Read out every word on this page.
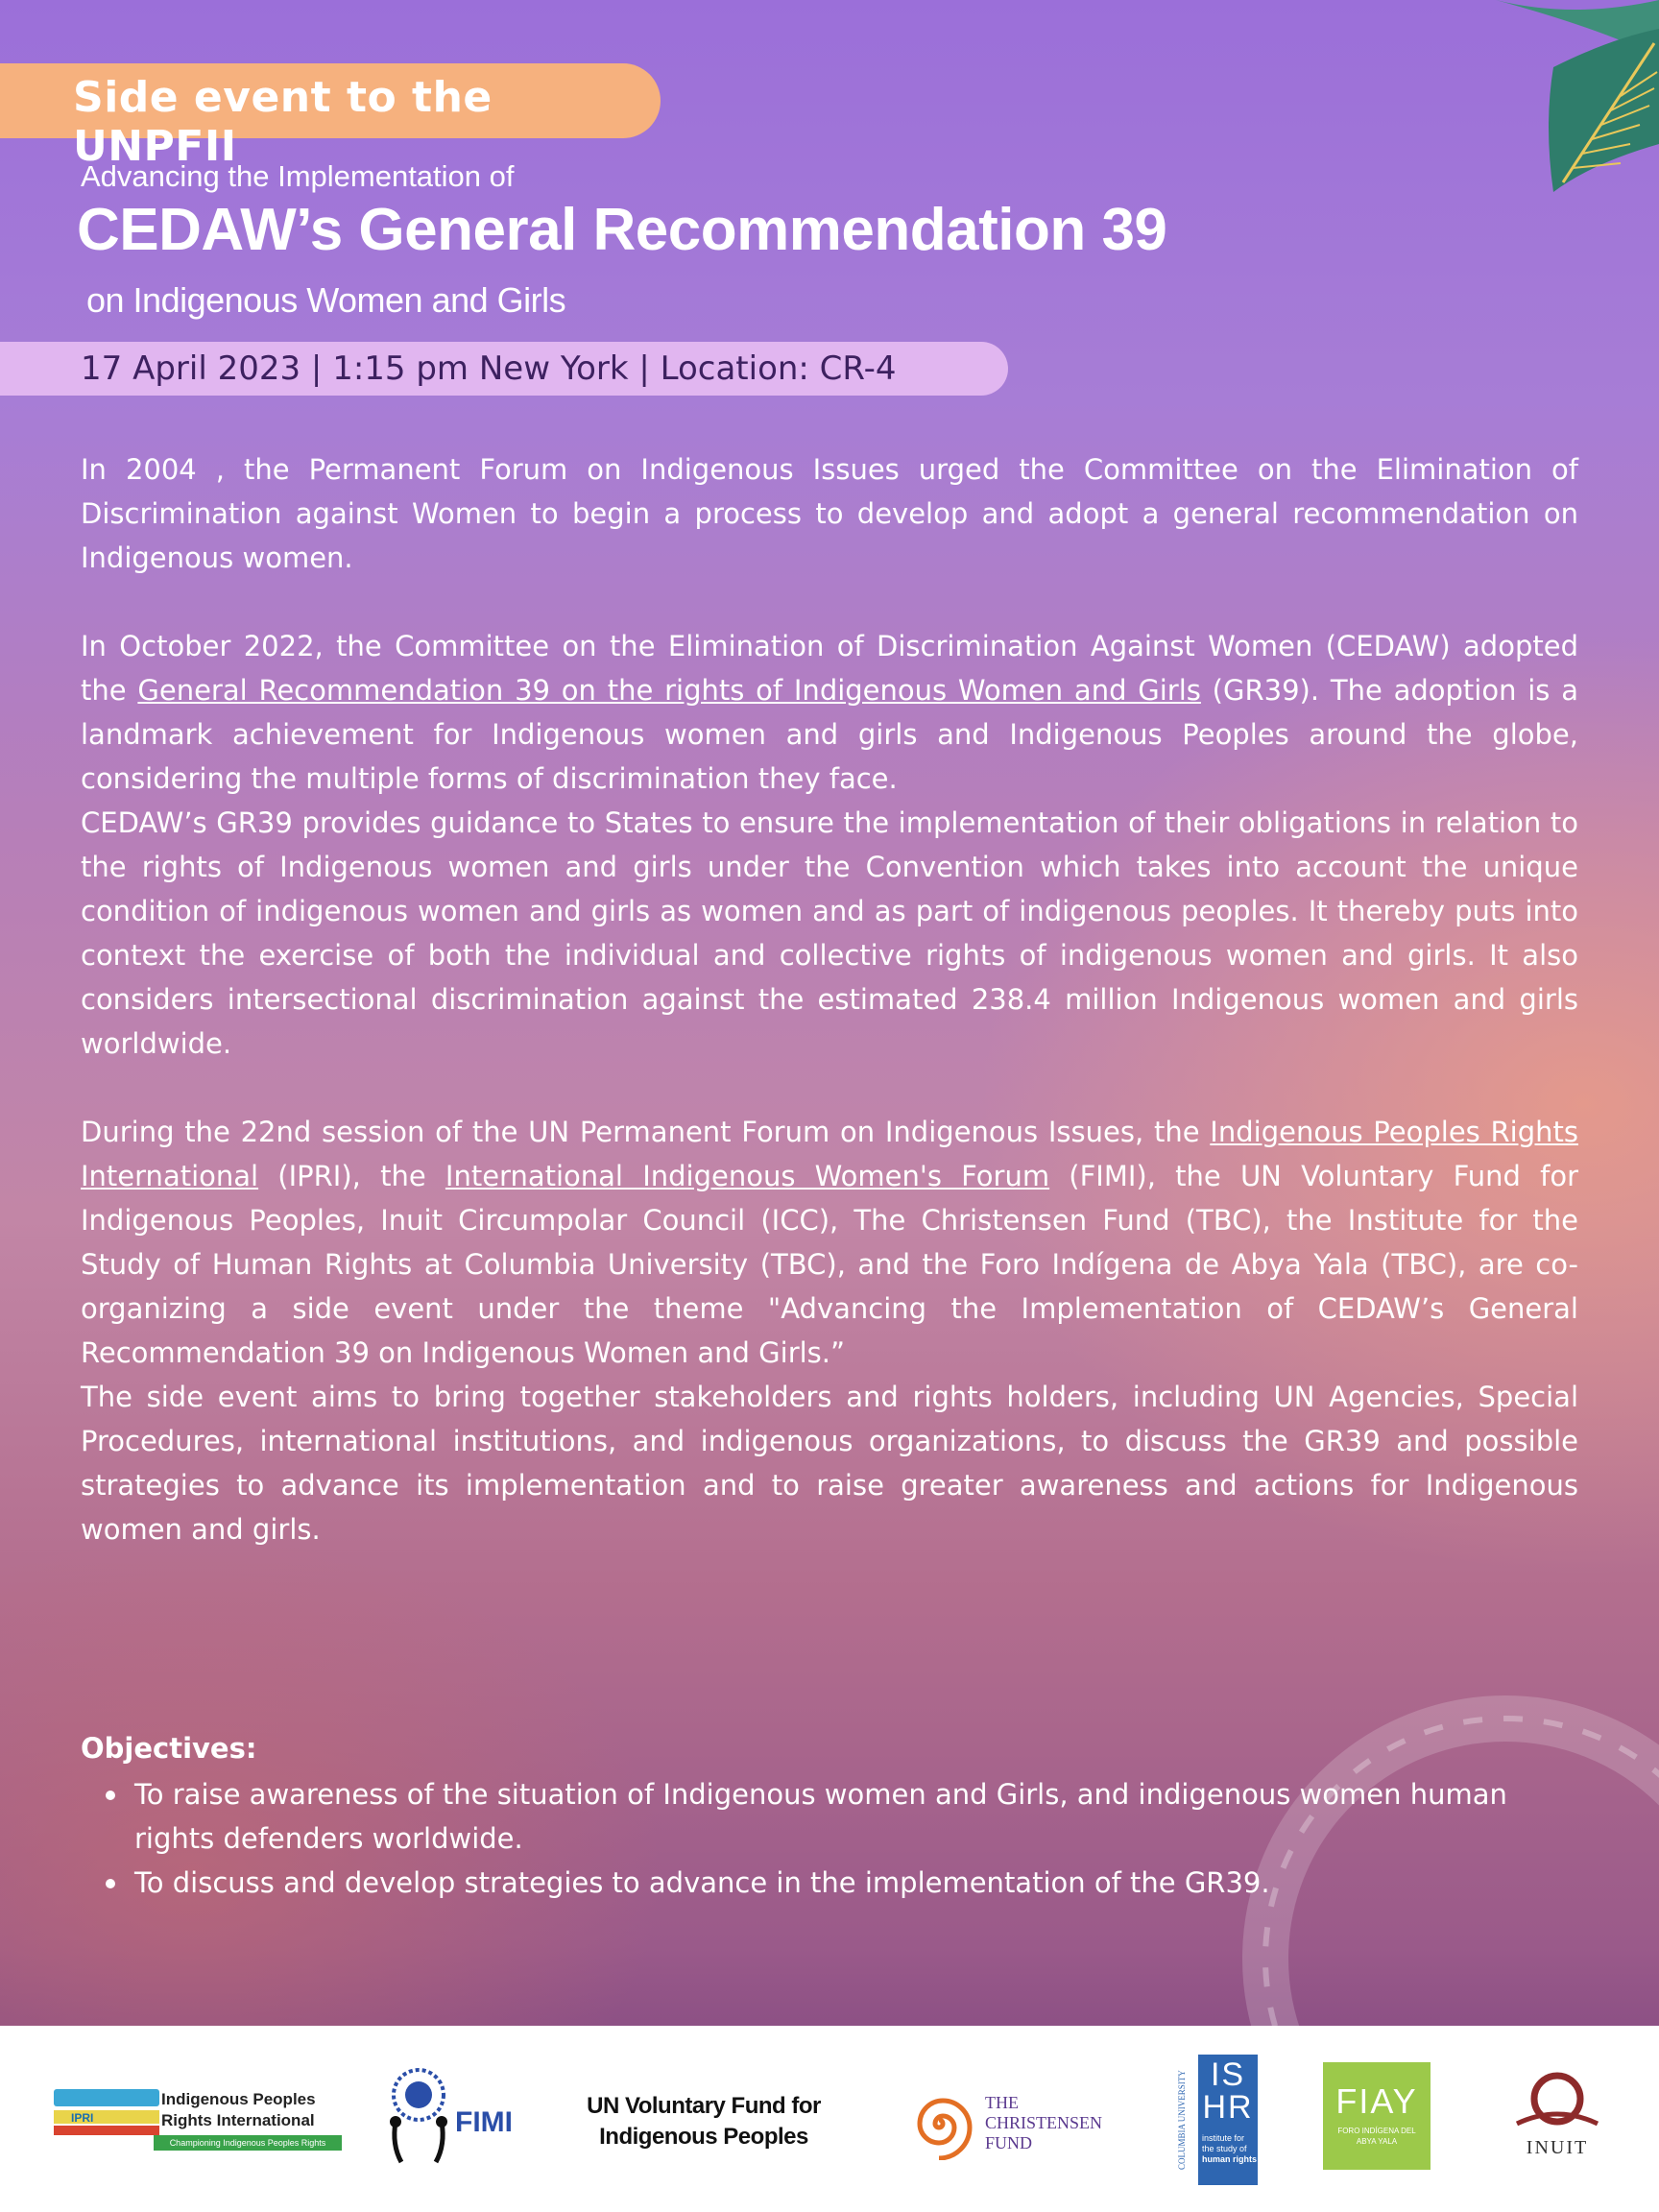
Side event to the UNPFII
Advancing the Implementation of
CEDAW’s General Recommendation 39
on Indigenous Women and Girls
17 April 2023 | 1:15 pm New York | Location: CR-4

In 2004 , the Permanent Forum on Indigenous Issues urged the Committee on the Elimination of Discrimination against Women to begin a process to develop and adopt a general recommendation on Indigenous women.

In October 2022, the Committee on the Elimination of Discrimination Against Women (CEDAW) adopted the General Recommendation 39 on the rights of Indigenous Women and Girls (GR39). The adoption is a landmark achievement for Indigenous women and girls and Indigenous Peoples around the globe, considering the multiple forms of discrimination they face.

CEDAW’s GR39 provides guidance to States to ensure the implementation of their obligations in relation to the rights of Indigenous women and girls under the Convention which takes into account the unique condition of indigenous women and girls as women and as part of indigenous peoples. It thereby puts into context the exercise of both the individual and collective rights of indigenous women and girls. It also considers intersectional discrimination against the estimated 238.4 million Indigenous women and girls worldwide.

During the 22nd session of the UN Permanent Forum on Indigenous Issues, the Indigenous Peoples Rights International (IPRI), the International Indigenous Women's Forum (FIMI), the UN Voluntary Fund for Indigenous Peoples, Inuit Circumpolar Council (ICC), The Christensen Fund (TBC), the Institute for the Study of Human Rights at Columbia University (TBC), and the Foro Indígena de Abya Yala (TBC), are co-organizing a side event under the theme "Advancing the Implementation of CEDAW’s General Recommendation 39 on Indigenous Women and Girls.”

The side event aims to bring together stakeholders and rights holders, including UN Agencies, Special Procedures, international institutions, and indigenous organizations, to discuss the GR39 and possible strategies to advance its implementation and to raise greater awareness and actions for Indigenous women and girls.

Objectives:
To raise awareness of the situation of Indigenous women and Girls, and indigenous women human rights defenders worldwide.
To discuss and develop strategies to advance in the implementation of the GR39.
IPRI
Indigenous Peoples
Rights International
Championing Indigenous Peoples Rights
FIMI
UN Voluntary Fund for
Indigenous Peoples
THE
CHRISTENSEN
FUND	COLUMBIA UNIVERSITY IS
HR
institute for
the study of
human rights
FIAY
FORO INDÍGENA DEL
ABYA YALA	INUIT
